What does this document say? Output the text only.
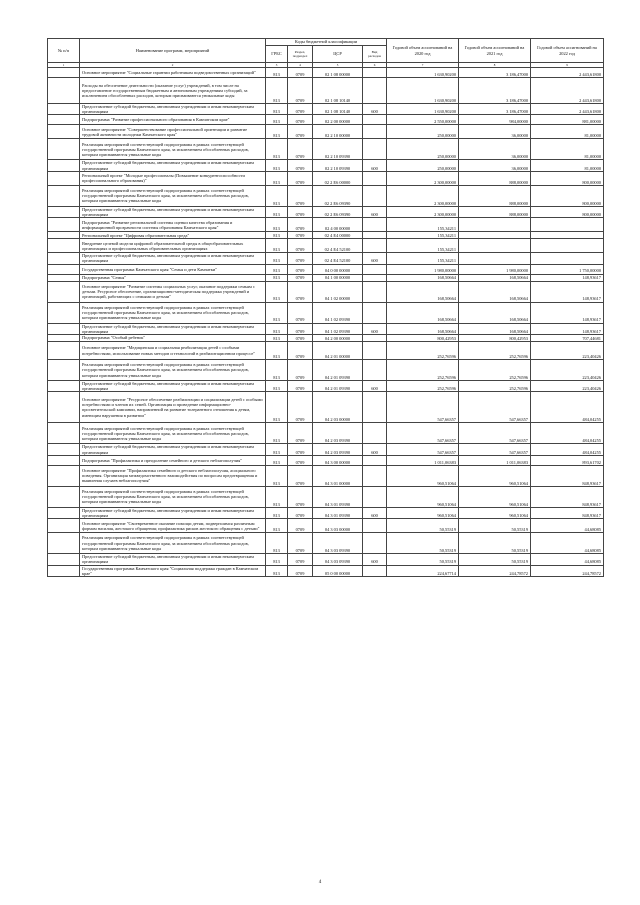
№ п/п	Наименование программ, мероприятий	Коды бюджетной классификации				Годовой объем ассигнований на 2020 год	Годовой объем ассигнований на 2021 год	Годовой объем ассигнований на 2022 год
		ГРБС	Раздел, подраздел	ЦСР	Вид расходов			
1	2	3	4	5	6	7	8	9
	Основное мероприятие "Социальные гарантии работникам подведомственных организаций"	813	0709	02 1 08 00000		1 630,90200	3 186,47000	2 443,61800
	Расходы на обеспечение деятельности (оказание услуг) учреждений, в том числе на предоставление государственным бюджетным и автономным учреждениям субсидий, за исключением обособленных расходов, которым присваиваются уникальные коды	813	0709	02 1 08 10140		1 630,90200	3 186,47000	2 443,61800
	Предоставление субсидий бюджетным, автономным учреждениям и иным некоммерческим организациям	813	0709	02 1 08 10140	600	1 630,90200	3 186,47000	2 443,61800
	Подпрограмма "Развитие профессионального образования в Камчатском крае"	813	0709	02 2 00 00000		2 550,00000	984,00000	881,00000
	Основное мероприятие "Совершенствование профессиональной ориентации и развитие трудовой активности молодежи Камчатского края"	813	0709	02 2 10 00000		250,00000	36,00000	81,00000
	Реализация мероприятий соответствующей подпрограммы в рамках соответствующей государственной программы Камчатского края, за исключением обособленных расходов, которым присваиваются уникальные коды	813	0709	02 2 10 09390		250,00000	36,00000	81,00000
	Предоставление субсидий бюджетным, автономным учреждениям и иным некоммерческим организациям	813	0709	02 2 10 09390	600	250,00000	36,00000	81,00000
	Региональный проект "Молодые профессионалы (Повышение конкурентоспособности профессионального образования)"	813	0709	02 2 E6 00000		2 300,00000	888,00000	800,00000
	Реализация мероприятий соответствующей подпрограммы в рамках соответствующей государственной программы Камчатского края, за исключением обособленных расходов, которым присваиваются уникальные коды	813	0709	02 2 E6 09390		2 300,00000	888,00000	800,00000
	Предоставление субсидий бюджетным, автономным учреждениям и иным некоммерческим организациям	813	0709	02 2 E6 09390	600	2 300,00000	888,00000	800,00000
	Подпрограмма "Развитие региональной системы оценки качества образования и информационной прозрачности системы образования Камчатского края"	813	0709	02 4 00 00000		155,34211		
	Региональный проект "Цифровая образовательная среда"	813	0709	02 4 E4 00000		155,34211		
	Внедрение целевой модели цифровой образовательной среды в общеобразовательных организациях и профессиональных образовательных организациях	813	0709	02 4 E4 52100		155,34211		
	Предоставление субсидий бюджетным, автономным учреждениям и иным некоммерческим организациям	813	0709	02 4 E4 52100	600	155,34211		
	Государственная программа Камчатского края "Семья и дети Камчатки"	813	0709	04 0 00 00000		1 980,00000	1 980,00000	1 750,00000
	Подпрограмма "Семья"	813	0709	04 1 00 00000		168,50664	168,50664	148,93617
	Основное мероприятие "Развитие системы социальных услуг, оказание поддержки семьям с детьми. Ресурсное обеспечение, организационно-методическая поддержка учреждений и организаций, работающих с семьями и детьми"	813	0709	04 1 02 00000		168,50664	168,50664	148,93617
	Реализация мероприятий соответствующей подпрограммы в рамках соответствующей государственной программы Камчатского края, за исключением обособленных расходов, которым присваиваются уникальные коды	813	0709	04 1 02 09390		168,50664	168,50664	148,93617
	Предоставление субсидий бюджетным, автономным учреждениям и иным некоммерческим организациям	813	0709	04 1 02 09390	600	168,50664	168,50664	148,93617
	Подпрограмма "Особый ребенок"	813	0709	04 2 00 00000		800,42953	800,42953	707,44681
	Основное мероприятие "Медицинская и социальная реабилитация детей с особыми потребностями, использование новых методов и технологий в реабилитационном процессе"	813	0709	04 2 01 00000		252,76596	252,76596	223,40426
	Реализация мероприятий соответствующей подпрограммы в рамках соответствующей государственной программы Камчатского края, за исключением обособленных расходов, которым присваиваются уникальные коды	813	0709	04 2 01 09390		252,76596	252,76596	223,40426
	Предоставление субсидий бюджетным, автономным учреждениям и иным некоммерческим организациям	813	0709	04 2 01 09390	600	252,76596	252,76596	223,40426
	Основное мероприятие "Ресурсное обеспечение реабилитации и социализации детей с особыми потребностями и членов их семей. Организация и проведение информационно-просветительской кампании, направленной на развитие толерантного отношения к детям, имеющим нарушения в развитии"	813	0709	04 2 03 00000		547,66357	547,66357	484,04255
	Реализация мероприятий соответствующей подпрограммы в рамках соответствующей государственной программы Камчатского края, за исключением обособленных расходов, которым присваиваются уникальные коды	813	0709	04 2 03 09390		547,66357	547,66357	484,04255
	Предоставление субсидий бюджетным, автономным учреждениям и иным некоммерческим организациям	813	0709	04 2 03 09390	600	547,66357	547,66357	484,04255
	Подпрограмма "Профилактика и преодоление семейного и детского неблагополучия"	813	0709	04 3 00 00000		1 011,06383	1 011,06383	893,61702
	Основное мероприятие "Профилактика семейного и детского неблагополучия, асоциального поведения. Организация межведомственного взаимодействия по вопросам предотвращения и выявления случаев неблагополучия"	813	0709	04 3 01 00000		960,51064	960,51064	848,93617
	Реализация мероприятий соответствующей подпрограммы в рамках соответствующей государственной программы Камчатского края, за исключением обособленных расходов, которым присваиваются уникальные коды	813	0709	04 3 01 09390		960,51064	960,51064	848,93617
	Предоставление субсидий бюджетным, автономным учреждениям и иным некоммерческим организациям	813	0709	04 3 01 09390	600	960,51064	960,51064	848,93617
	Основное мероприятие "Своевременное оказание помощи детям, подвергшимся различным формам насилия, жестокого обращения; профилактика рисков жестокого обращения с детьми"	813	0709	04 3 03 00000		50,55319	50,55319	44,68085
	Реализация мероприятий соответствующей подпрограммы в рамках соответствующей государственной программы Камчатского края, за исключением обособленных расходов, которым присваиваются уникальные коды	813	0709	04 3 03 09390		50,55319	50,55319	44,68085
	Предоставление субсидий бюджетным, автономным учреждениям и иным некоммерческим организациям	813	0709	04 3 03 09390	600	50,55319	50,55319	44,68085
	Государственная программа Камчатского края "Социальная поддержка граждан в Камчатском крае"	813	0709	05 0 00 00000		224,67714	244,78572	244,78572
4
